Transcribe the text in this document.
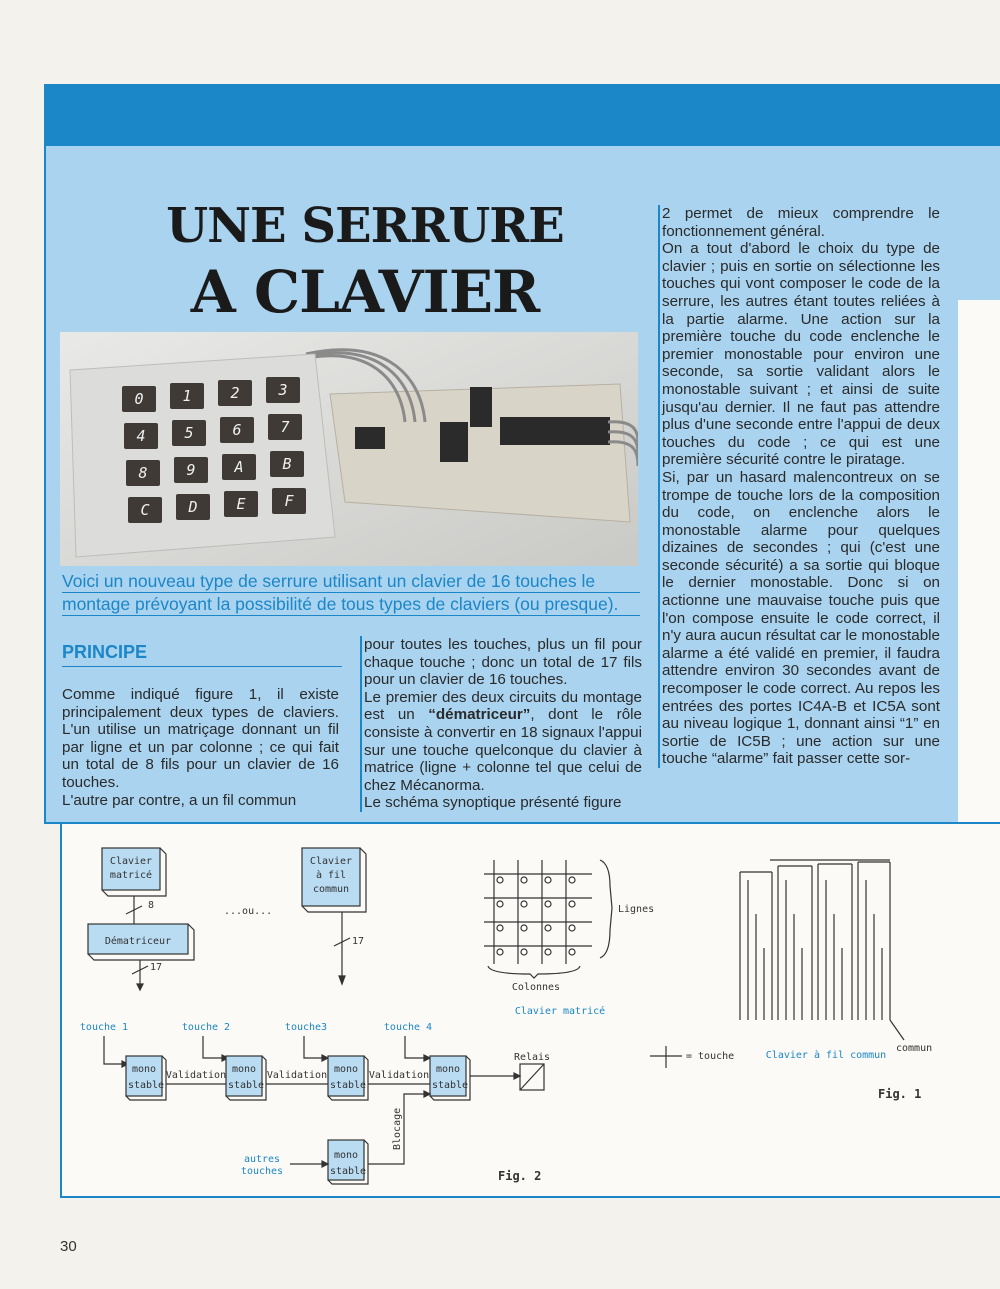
UNE SERRURE
A CLAVIER
0	1	2	3
4	5	6	7
8	9	A	B
C	D	E	F
Voici un nouveau type de serrure utilisant un clavier de 16 touches le
montage prévoyant la possibilité de tous types de claviers (ou presque).
PRINCIPE

Comme indiqué figure 1, il existe principalement deux types de claviers. L'un utilise un matriçage donnant un fil par ligne et un par colonne ; ce qui fait un total de 8 fils pour un clavier de 16 touches.

L'autre par contre, a un fil commun

pour toutes les touches, plus un fil pour chaque touche ; donc un total de 17 fils pour un clavier de 16 touches.

Le premier des deux circuits du montage est un “dématriceur”, dont le rôle consiste à convertir en 18 signaux l'appui sur une touche quelconque du clavier à matrice (ligne + colonne tel que celui de chez Mécanorma.

Le schéma synoptique présenté figure

2 permet de mieux comprendre le fonctionnement général.

On a tout d'abord le choix du type de clavier ; puis en sortie on sélectionne les touches qui vont composer le code de la serrure, les autres étant toutes reliées à la partie alarme. Une action sur la première touche du code enclenche le premier monostable pour environ une seconde, sa sortie validant alors le monostable suivant ; et ainsi de suite jusqu'au dernier. Il ne faut pas attendre plus d'une seconde entre l'appui de deux touches du code ; ce qui est une première sécurité contre le piratage.

Si, par un hasard malencontreux on se trompe de touche lors de la composition du code, on enclenche alors le monostable alarme pour quelques dizaines de secondes ; qui (c'est une seconde sécurité) a sa sortie qui bloque le dernier monostable. Donc si on actionne une mauvaise touche puis que l'on compose ensuite le code correct, il n'y aura aucun résultat car le monostable alarme a été validé en premier, il faudra attendre environ 30 secondes avant de recomposer le code correct. Au repos les entrées des portes IC4A-B et IC5A sont au niveau logique 1, donnant ainsi “1” en sortie de IC5B ; une action sur une touche “alarme” fait passer cette sor-

Clavier
matricé
Clavier
à fil
commun
...ou...
Dématriceur
8
17
17
mono
stable
mono
stable
mono
stable
mono
stable
mono
stable
Validation	Validation	Validation
Relais
Blocage
touche 1	touche 2	touche3	touche 4
autres
touches
Clavier matricé
Clavier à fil commun
Lignes
Colonnes
= touche
commun
Fig. 2
Fig. 1
30
